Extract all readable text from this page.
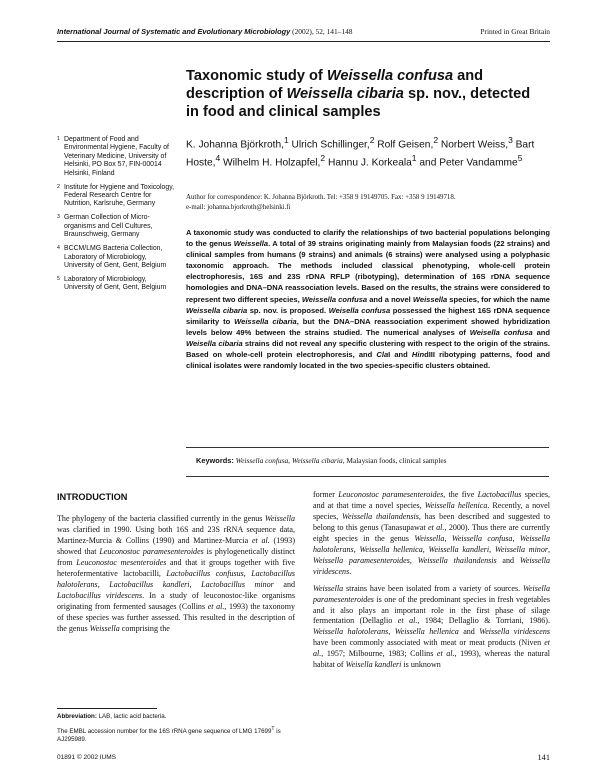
International Journal of Systematic and Evolutionary Microbiology (2002), 52, 141–148	Printed in Great Britain
Taxonomic study of Weissella confusa and description of Weissella cibaria sp. nov., detected in food and clinical samples
K. Johanna Björkroth,$^1$ Ulrich Schillinger,$^2$ Rolf Geisen,$^2$ Norbert Weiss,$^3$ Bart Hoste,$^4$ Wilhelm H. Holzapfel,$^2$ Hannu J. Korkeala$^1$ and Peter Vandamme$^5$
Author for correspondence: K. Johanna Björkroth. Tel: +358 9 19149705. Fax: +358 9 19149718.
e-mail: johanna.bjorkroth@helsinki.fi
1 Department of Food and Environmental Hygiene, Faculty of Veterinary Medicine, University of Helsinki, PO Box 57, FIN-00014 Helsinki, Finland
2 Institute for Hygiene and Toxicology, Federal Research Centre for Nutrition, Karlsruhe, Germany
3 German Collection of Micro-organisms and Cell Cultures, Braunschweig, Germany
4 BCCM/LMG Bacteria Collection, Laboratory of Microbiology, University of Gent, Gent, Belgium
5 Laboratory of Microbiology, University of Gent, Gent, Belgium
A taxonomic study was conducted to clarify the relationships of two bacterial populations belonging to the genus Weissella. A total of 39 strains originating mainly from Malaysian foods (22 strains) and clinical samples from humans (9 strains) and animals (6 strains) were analysed using a polyphasic taxonomic approach. The methods included classical phenotyping, whole-cell protein electrophoresis, 16S and 23S rDNA RFLP (ribotyping), determination of 16S rDNA sequence homologies and DNA–DNA reassociation levels. Based on the results, the strains were considered to represent two different species, Weissella confusa and a novel Weissella species, for which the name Weissella cibaria sp. nov. is proposed. Weisella confusa possessed the highest 16S rDNA sequence similarity to Weissella cibaria, but the DNA–DNA reassociation experiment showed hybridization levels below 49% between the strains studied. The numerical analyses of Weisella confusa and Weisella cibaria strains did not reveal any specific clustering with respect to the origin of the strains. Based on whole-cell protein electrophoresis, and ClaI and HindIII ribotyping patterns, food and clinical isolates were randomly located in the two species-specific clusters obtained.
Keywords: Weissella confusa, Weissella cibaria, Malaysian foods, clinical samples
INTRODUCTION

The phylogeny of the bacteria classified currently in the genus Weissella was clarified in 1990. Using both 16S and 23S rRNA sequence data, Martinez-Murcia & Collins (1990) and Martinez-Murcia et al. (1993) showed that Leuconostoc paramesenteroides is phylogenetically distinct from Leuconostoc mesenteroides and that it groups together with five heterofermentative lactobacilli, Lactobacillus confusus, Lactobacillus halotolerans, Lactobacillus kandleri, Lactobacillus minor and Lactobacillus viridescens. In a study of leuconostoc-like organisms originating from fermented sausages (Collins et al., 1993) the taxonomy of these species was further assessed. This resulted in the description of the genus Weissella comprising the

former Leuconostoc paramesenteroides, the five Lactobacillus species, and at that time a novel species, Weissella hellenica. Recently, a novel species, Weissella thailandensis, has been described and suggested to belong to this genus (Tanasupawat et al., 2000). Thus there are currently eight species in the genus Weissella, Weissella confusa, Weissella halotolerans, Weissella hellenica, Weissella kandleri, Weissella minor, Weissella paramesenteroides, Weissella thailandensis and Weissella viridescens.

Weissella strains have been isolated from a variety of sources. Weisella paramesenteroides is one of the predominant species in fresh vegetables and it also plays an important role in the first phase of silage fermentation (Dellaglio et al., 1984; Dellaglio & Torriani, 1986). Weissella halotolerans, Weissella hellenica and Weissella viridescens have been commonly associated with meat or meat products (Niven et al., 1957; Milbourne, 1983; Collins et al., 1993), whereas the natural habitat of Weisella kandleri is unknown

Abbreviation: LAB, lactic acid bacteria.

The EMBL accession number for the 16S rRNA gene sequence of LMG $17699^T$ is AJ295989.

01891 © 2002 IUMS	141
